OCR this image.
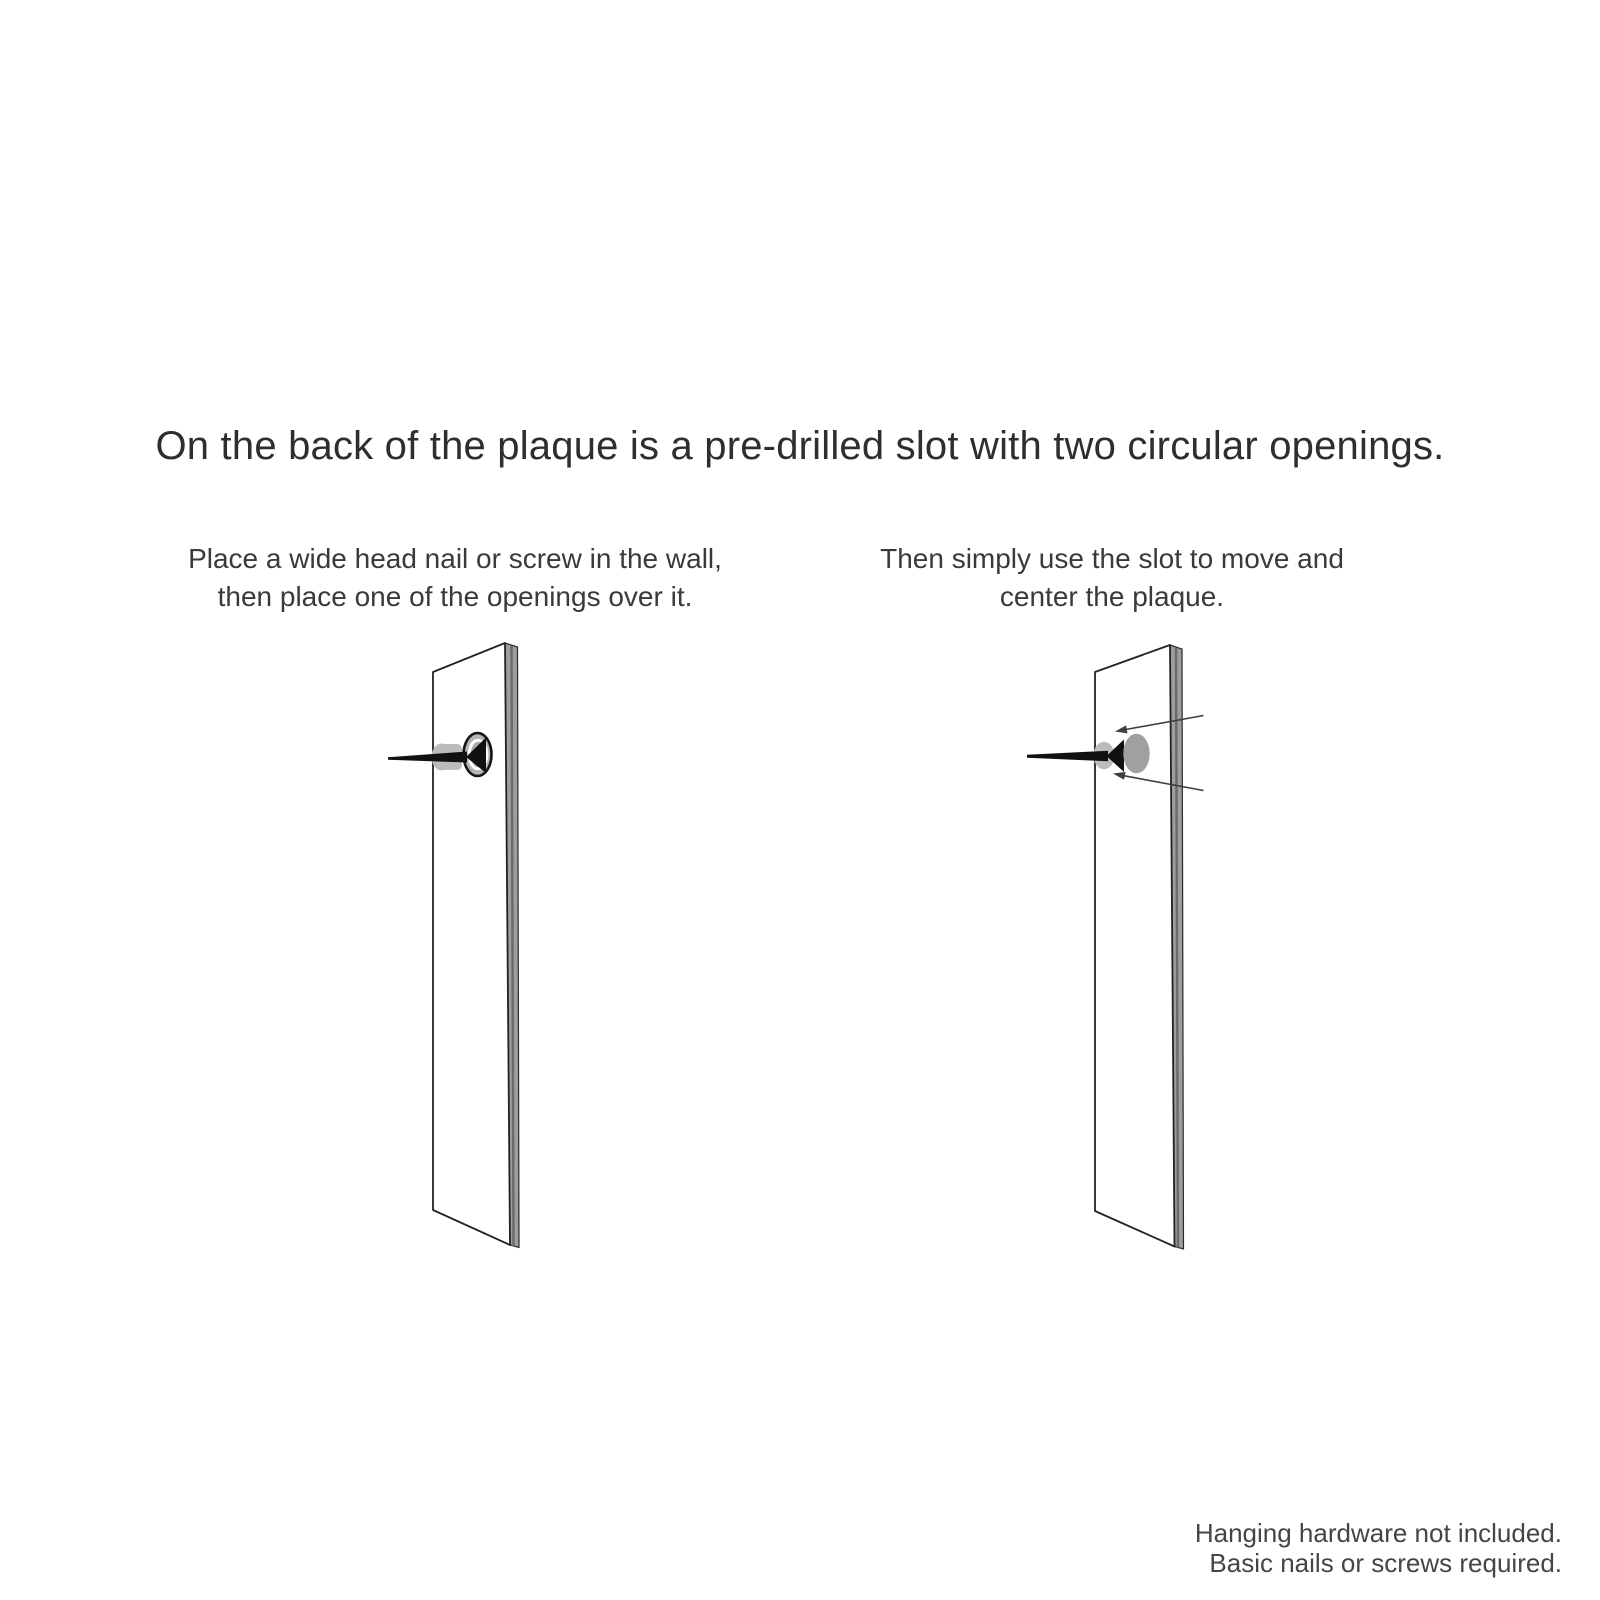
On the back of the plaque is a pre-drilled slot with two circular openings.
Place a wide head nail or screw in the wall,
then place one of the openings over it.
Then simply use the slot to move and
center the plaque.
Hanging hardware not included.
Basic nails or screws required.
